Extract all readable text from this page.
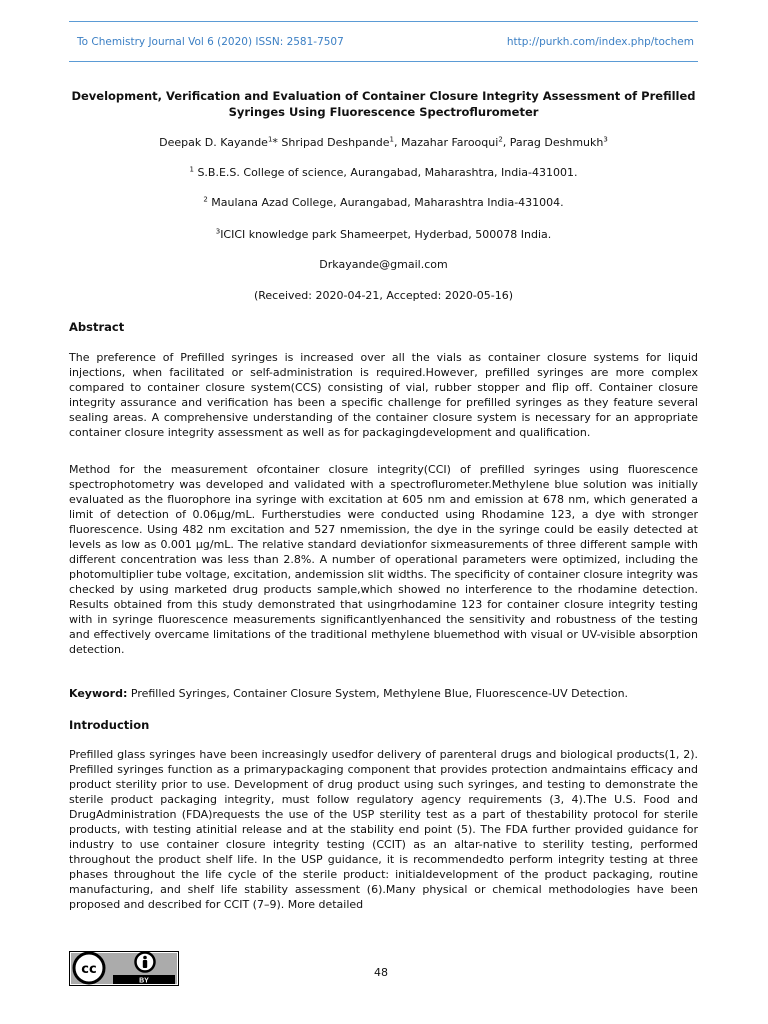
To Chemistry Journal Vol 6 (2020) ISSN: 2581-7507	http://purkh.com/index.php/tochem
Development, Verification and Evaluation of Container Closure Integrity Assessment of Prefilled Syringes Using Fluorescence Spectroflurometer
Deepak D. Kayande$^1$* Shripad Deshpande$^1$, Mazahar Farooqui$^2$, Parag Deshmukh$^3$
$^1$ S.B.E.S. College of science, Aurangabad, Maharashtra, India-431001.
$^2$ Maulana Azad College, Aurangabad, Maharashtra India-431004.
$^3$ICICI knowledge park Shameerpet, Hyderbad, 500078 India.
Drkayande@gmail.com
(Received: 2020-04-21, Accepted: 2020-05-16)
Abstract

The preference of Prefilled syringes is increased over all the vials as container closure systems for liquid injections, when facilitated or self-administration is required.However, prefilled syringes are more complex compared to container closure system(CCS) consisting of vial, rubber stopper and flip off. Container closure integrity assurance and verification has been a specific challenge for prefilled syringes as they feature several sealing areas. A comprehensive understanding of the container closure system is necessary for an appropriate container closure integrity assessment as well as for packagingdevelopment and qualification.

Method for the measurement ofcontainer closure integrity(CCI) of prefilled syringes using fluorescence spectrophotometry was developed and validated with a spectroflurometer.Methylene blue solution was initially evaluated as the fluorophore ina syringe with excitation at 605 nm and emission at 678 nm, which generated a limit of detection of 0.06µg/mL. Furtherstudies were conducted using Rhodamine 123, a dye with stronger fluorescence. Using 482 nm excitation and 527 nmemission, the dye in the syringe could be easily detected at levels as low as 0.001 µg/mL. The relative standard deviationfor sixmeasurements of three different sample with different concentration was less than 2.8%. A number of operational parameters were optimized, including the photomultiplier tube voltage, excitation, andemission slit widths. The specificity of container closure integrity was checked by using marketed drug products sample,which showed no interference to the rhodamine detection. Results obtained from this study demonstrated that usingrhodamine 123 for container closure integrity testing with in syringe fluorescence measurements significantlyenhanced the sensitivity and robustness of the testing and effectively overcame limitations of the traditional methylene bluemethod with visual or UV-visible absorption detection.

Keyword: Prefilled Syringes, Container Closure System, Methylene Blue, Fluorescence-UV Detection.
Introduction

Prefilled glass syringes have been increasingly usedfor delivery of parenteral drugs and biological products(1, 2). Prefilled syringes function as a primarypackaging component that provides protection andmaintains efficacy and product sterility prior to use. Development of drug product using such syringes, and testing to demonstrate the sterile product packaging integrity, must follow regulatory agency requirements (3, 4).The U.S. Food and DrugAdministration (FDA)requests the use of the USP sterility test as a part of thestability protocol for sterile products, with testing atinitial release and at the stability end point (5). The FDA further provided guidance for industry to use container closure integrity testing (CCIT) as an altar-native to sterility testing, performed throughout the product shelf life. In the USP guidance, it is recommendedto perform integrity testing at three phases throughout the life cycle of the sterile product: initialdevelopment of the product packaging, routine manufacturing, and shelf life stability assessment (6).Many physical or chemical methodologies have been proposed and described for CCIT (7–9). More detailed

BY
cc	48
